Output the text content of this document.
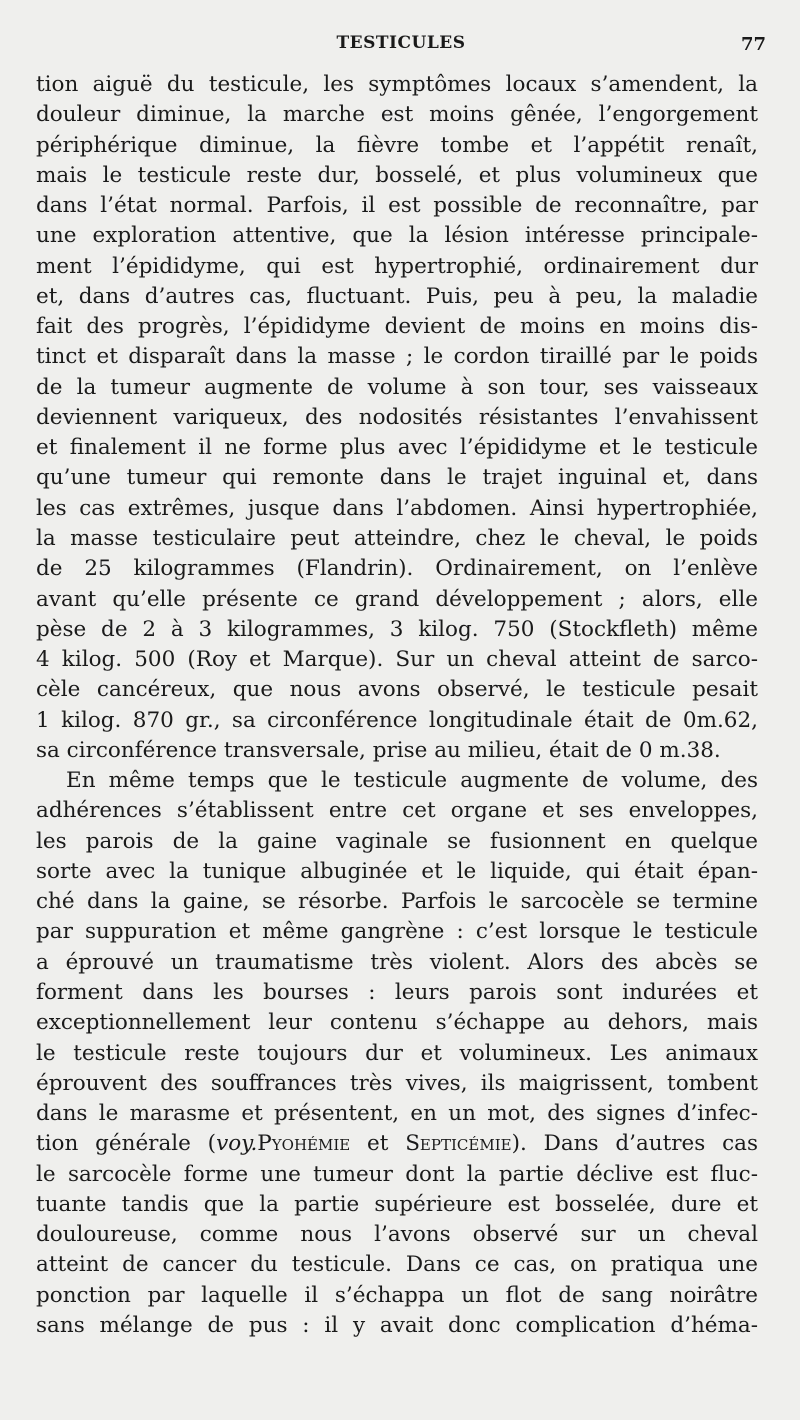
TESTICULES	77
tion aiguë du testicule, les symptômes locaux s’amendent, la
douleur diminue, la marche est moins gênée, l’engorgement
périphérique diminue, la fièvre tombe et l’appétit renaît,
mais le testicule reste dur, bosselé, et plus volumineux que
dans l’état normal. Parfois, il est possible de reconnaître, par
une exploration attentive, que la lésion intéresse principale-
ment l’épididyme, qui est hypertrophié, ordinairement dur
et, dans d’autres cas, fluctuant. Puis, peu à peu, la maladie
fait des progrès, l’épididyme devient de moins en moins dis-
tinct et disparaît dans la masse ; le cordon tiraillé par le poids
de la tumeur augmente de volume à son tour, ses vaisseaux
deviennent variqueux, des nodosités résistantes l’envahissent
et finalement il ne forme plus avec l’épididyme et le testicule
qu’une tumeur qui remonte dans le trajet inguinal et, dans
les cas extrêmes, jusque dans l’abdomen. Ainsi hypertrophiée,
la masse testiculaire peut atteindre, chez le cheval, le poids
de 25 kilogrammes (Flandrin). Ordinairement, on l’enlève
avant qu’elle présente ce grand développement ; alors, elle
pèse de 2 à 3 kilogrammes, 3 kilog. 750 (Stockfleth) même
4 kilog. 500 (Roy et Marque). Sur un cheval atteint de sarco-
cèle cancéreux, que nous avons observé, le testicule pesait
1 kilog. 870 gr., sa circonférence longitudinale était de 0m.62,
sa circonférence transversale, prise au milieu, était de 0 m.38.
En même temps que le testicule augmente de volume, des
adhérences s’établissent entre cet organe et ses enveloppes,
les parois de la gaine vaginale se fusionnent en quelque
sorte avec la tunique albuginée et le liquide, qui était épan-
ché dans la gaine, se résorbe. Parfois le sarcocèle se termine
par suppuration et même gangrène : c’est lorsque le testicule
a éprouvé un traumatisme très violent. Alors des abcès se
forment dans les bourses : leurs parois sont indurées et
exceptionnellement leur contenu s’échappe au dehors, mais
le testicule reste toujours dur et volumineux. Les animaux
éprouvent des souffrances très vives, ils maigrissent, tombent
dans le marasme et présentent, en un mot, des signes d’infec-
tion générale (voy.Pyohémie et Septicémie). Dans d’autres cas
le sarcocèle forme une tumeur dont la partie déclive est fluc-
tuante tandis que la partie supérieure est bosselée, dure et
douloureuse, comme nous l’avons observé sur un cheval
atteint de cancer du testicule. Dans ce cas, on pratiqua une
ponction par laquelle il s’échappa un flot de sang noirâtre
sans mélange de pus : il y avait donc complication d’héma-
